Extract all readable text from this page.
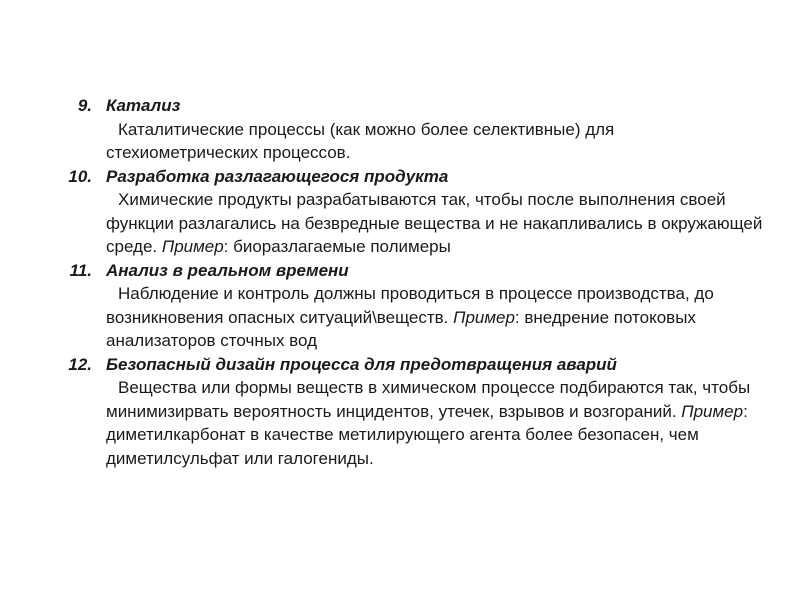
9. Катализ
Каталитические процессы (как можно более селективные) для стехиометрических процессов.
10. Разработка разлагающегося продукта
Химические продукты разрабатываются так, чтобы после выполнения своей функции разлагались на безвредные вещества и не накапливались в окружающей среде. Пример: биоразлагаемые полимеры
11. Анализ в реальном времени
Наблюдение и контроль должны проводиться в процессе производства, до возникновения опасных ситуаций\веществ. Пример: внедрение потоковых анализаторов сточных вод
12. Безопасный дизайн процесса для предотвращения аварий
Вещества или формы веществ в химическом процессе подбираются так, чтобы минимизирвать вероятность инцидентов, утечек, взрывов и возгораний. Пример: диметилкарбонат в качестве метилирующего агента более безопасен, чем диметилсульфат или галогениды.
